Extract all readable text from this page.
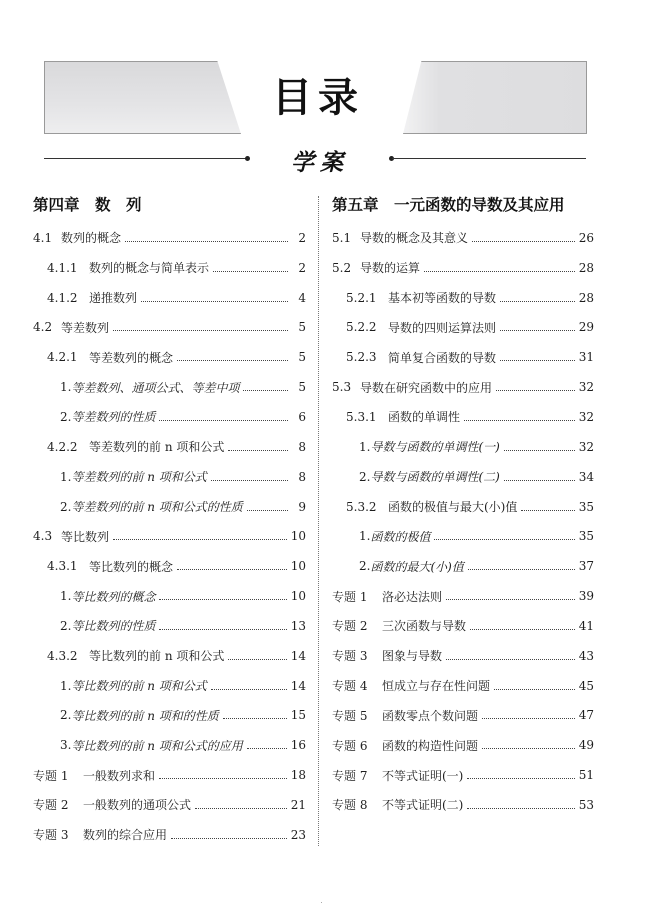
目录
学案
第四章　数　列
4.1 数列的概念	2
4.1.1 数列的概念与简单表示	2
4.1.2 递推数列	4
4.2 等差数列	5
4.2.1 等差数列的概念	5
1. 等差数列、通项公式、等差中项	5
2. 等差数列的性质	6
4.2.2 等差数列的前 n 项和公式	8
1. 等差数列的前 n 项和公式	8
2. 等差数列的前 n 项和公式的性质	9
4.3 等比数列	10
4.3.1 等比数列的概念	10
1. 等比数列的概念	10
2. 等比数列的性质	13
4.3.2 等比数列的前 n 项和公式	14
1. 等比数列的前 n 项和公式	14
2. 等比数列的前 n 项和的性质	15
3. 等比数列的前 n 项和公式的应用	16
专题 1	一般数列求和	18
专题 2	一般数列的通项公式	21
专题 3	数列的综合应用	23
第五章　一元函数的导数及其应用
5.1 导数的概念及其意义	26
5.2 导数的运算	28
5.2.1 基本初等函数的导数	28
5.2.2 导数的四则运算法则	29
5.2.3 简单复合函数的导数	31
5.3 导数在研究函数中的应用	32
5.3.1 函数的单调性	32
1. 导数与函数的单调性(一)	32
2. 导数与函数的单调性(二)	34
5.3.2 函数的极值与最大(小)值	35
1. 函数的极值	35
2. 函数的最大(小)值	37
专题 1	洛必达法则	39
专题 2	三次函数与导数	41
专题 3	图象与导数	43
专题 4	恒成立与存在性问题	45
专题 5	函数零点个数问题	47
专题 6	函数的构造性问题	49
专题 7	不等式证明(一)	51
专题 8	不等式证明(二)	53
